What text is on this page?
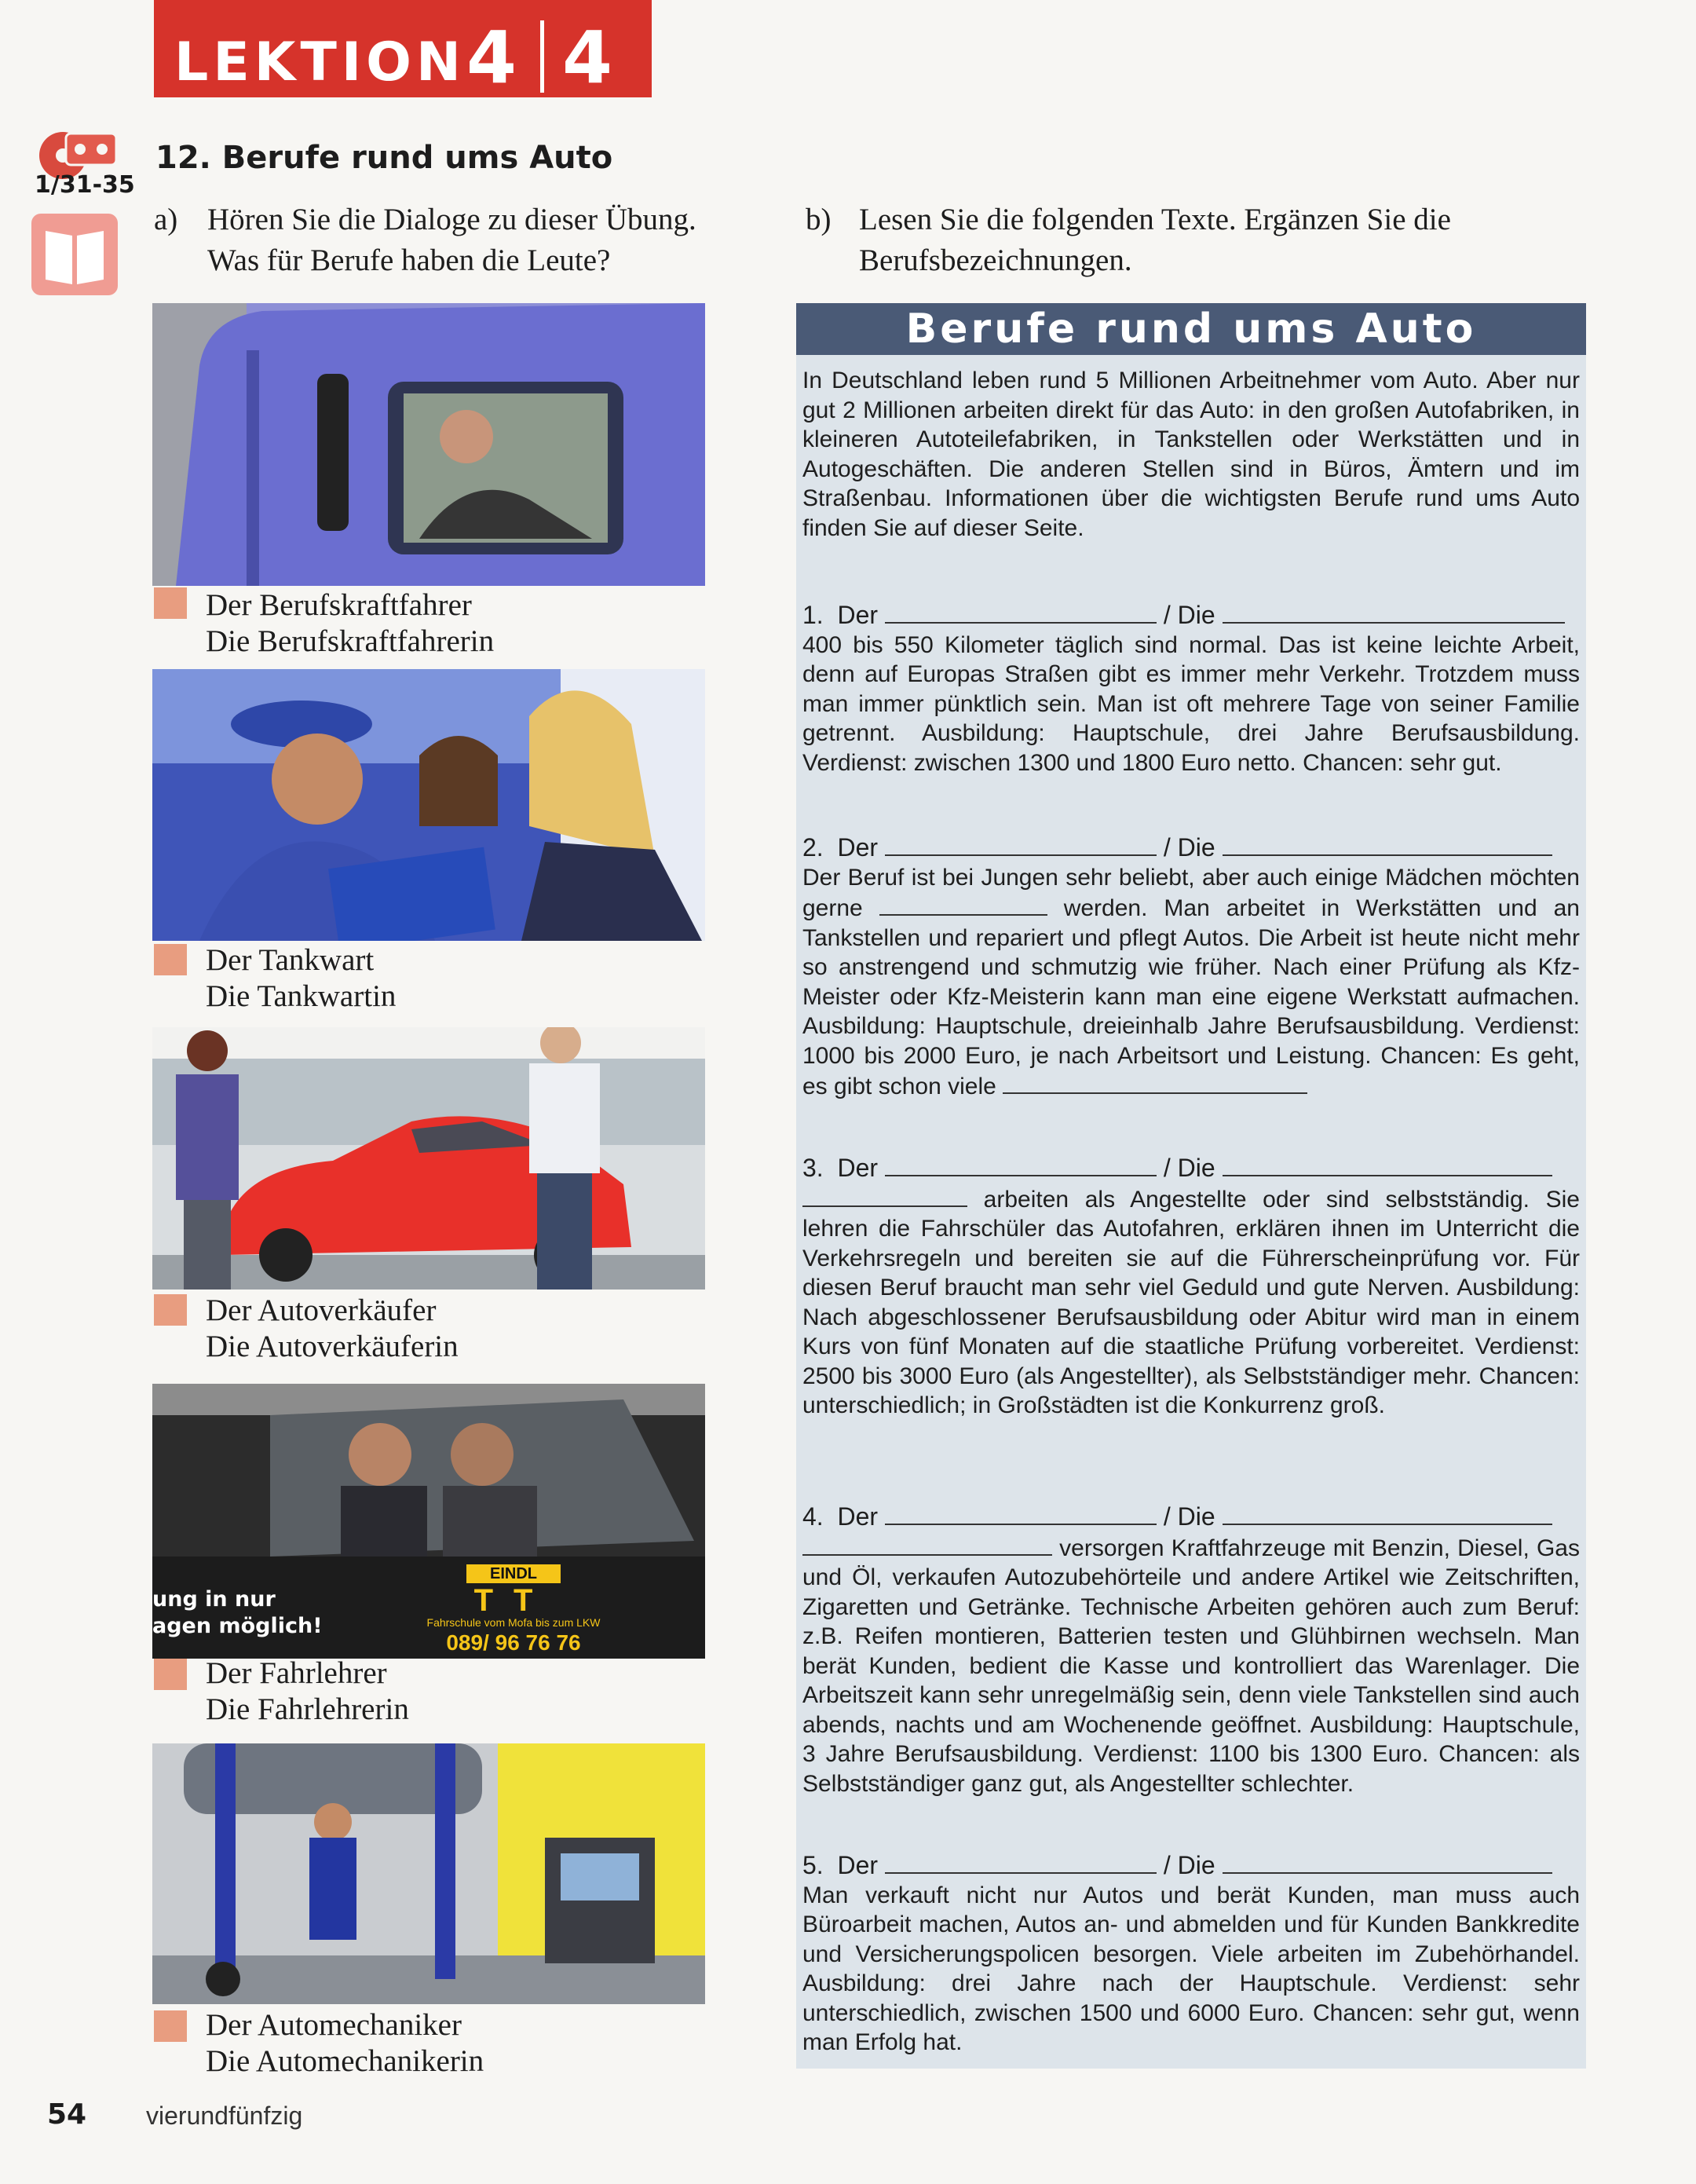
LEKTION 4 4
1/31-35
12. Berufe rund ums Auto
a) Hören Sie die Dialoge zu dieser Übung.
Was für Berufe haben die Leute?
b) Lesen Sie die folgenden Texte. Ergänzen Sie die
Berufsbezeichnungen.
Der Berufskraftfahrer
Die Berufskraftfahrerin
Der Tankwart
Die Tankwartin
Der Autoverkäufer
Die Autoverkäuferin
ung in nur
agen möglich!
EINDL
TT
Fahrschule vom Mofa bis zum LKW
089/ 96 76 76
Der Fahrlehrer
Die Fahrlehrerin
Der Automechaniker
Die Automechanikerin
Berufe rund ums Auto
In Deutschland leben rund 5 Millionen Arbeitnehmer vom Auto. Aber nur gut 2 Millionen arbeiten direkt für das Auto: in den großen Autofabriken, in kleineren Autoteilefabriken, in Tankstellen oder Werkstätten und in Autogeschäften. Die anderen Stellen sind in Büros, Ämtern und im Straßenbau. Informationen über die wichtigsten Berufe rund ums Auto finden Sie auf dieser Seite.

1. Der	/ Die

400 bis 550 Kilometer täglich sind normal. Das ist keine leichte Arbeit, denn auf Europas Straßen gibt es immer mehr Verkehr. Trotzdem muss man immer pünktlich sein. Man ist oft mehrere Tage von seiner Familie getrennt. Ausbildung: Hauptschule, drei Jahre Berufsausbildung. Verdienst: zwischen 1300 und 1800 Euro netto. Chancen: sehr gut.

2. Der	/ Die

Der Beruf ist bei Jungen sehr beliebt, aber auch einige Mädchen möchten gerne	werden. Man arbeitet in Werkstätten und an Tankstellen und repariert und pflegt Autos. Die Arbeit ist heute nicht mehr so anstrengend und schmutzig wie früher. Nach einer Prüfung als Kfz-Meister oder Kfz-Meisterin kann man eine eigene Werkstatt aufmachen. Ausbildung: Hauptschule, dreieinhalb Jahre Berufsausbildung. Verdienst: 1000 bis 2000 Euro, je nach Arbeitsort und Leistung. Chancen: Es geht, es gibt schon viele

3. Der	/ Die

arbeiten als Angestellte oder sind selbstständig. Sie lehren die Fahrschüler das Autofahren, erklären ihnen im Unterricht die Verkehrsregeln und bereiten sie auf die Führerscheinprüfung vor. Für diesen Beruf braucht man sehr viel Geduld und gute Nerven. Ausbildung: Nach abgeschlossener Berufsausbildung oder Abitur wird man in einem Kurs von fünf Monaten auf die staatliche Prüfung vorbereitet. Verdienst: 2500 bis 3000 Euro (als Angestellter), als Selbstständiger mehr. Chancen: unterschiedlich; in Großstädten ist die Konkurrenz groß.

4. Der	/ Die

versorgen Kraftfahrzeuge mit Benzin, Diesel, Gas und Öl, verkaufen Autozubehörteile und andere Artikel wie Zeitschriften, Zigaretten und Getränke. Technische Arbeiten gehören auch zum Beruf: z.B. Reifen montieren, Batterien testen und Glühbirnen wechseln. Man berät Kunden, bedient die Kasse und kontrolliert das Warenlager. Die Arbeitszeit kann sehr unregelmäßig sein, denn viele Tankstellen sind auch abends, nachts und am Wochenende geöffnet. Ausbildung: Hauptschule, 3 Jahre Berufsausbildung. Verdienst: 1100 bis 1300 Euro. Chancen: als Selbstständiger ganz gut, als Angestellter schlechter.

5. Der	/ Die

Man verkauft nicht nur Autos und berät Kunden, man muss auch Büroarbeit machen, Autos an- und abmelden und für Kunden Bankkredite und Versicherungspolicen besorgen. Viele arbeiten im Zubehörhandel. Ausbildung: drei Jahre nach der Hauptschule. Verdienst: sehr unterschiedlich, zwischen 1500 und 6000 Euro. Chancen: sehr gut, wenn man Erfolg hat.

54 vierundfünfzig
